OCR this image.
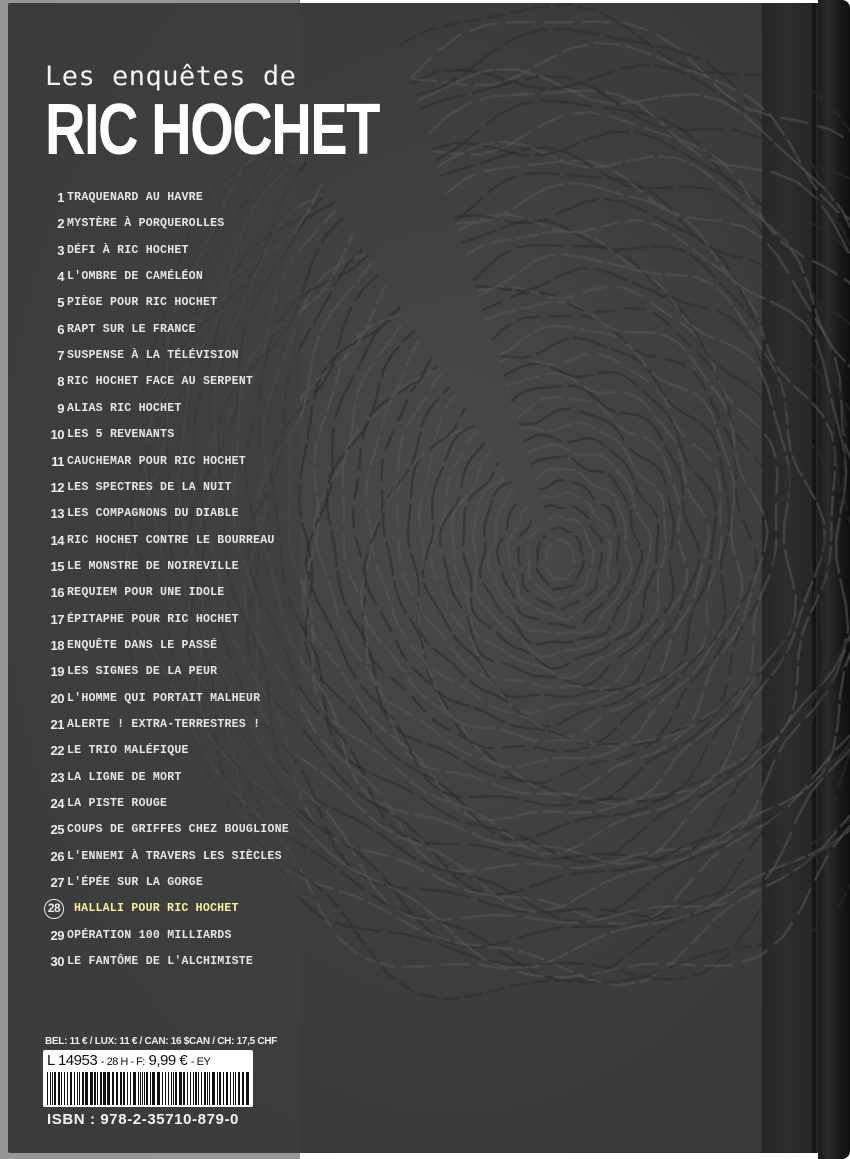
Les enquêtes de
RIC HOCHET
1 TRAQUENARD AU HAVRE
2 MYSTÈRE À PORQUEROLLES
3 DÉFI À RIC HOCHET
4 L'OMBRE DE CAMÉLÉON
5 PIÈGE POUR RIC HOCHET
6 RAPT SUR LE FRANCE
7 SUSPENSE À LA TÉLÉVISION
8 RIC HOCHET FACE AU SERPENT
9 ALIAS RIC HOCHET
10 LES 5 REVENANTS
11 CAUCHEMAR POUR RIC HOCHET
12 LES SPECTRES DE LA NUIT
13 LES COMPAGNONS DU DIABLE
14 RIC HOCHET CONTRE LE BOURREAU
15 LE MONSTRE DE NOIREVILLE
16 REQUIEM POUR UNE IDOLE
17 ÉPITAPHE POUR RIC HOCHET
18 ENQUÊTE DANS LE PASSÉ
19 LES SIGNES DE LA PEUR
20 L'HOMME QUI PORTAIT MALHEUR
21 ALERTE ! EXTRA-TERRESTRES !
22 LE TRIO MALÉFIQUE
23 LA LIGNE DE MORT
24 LA PISTE ROUGE
25 COUPS DE GRIFFES CHEZ BOUGLIONE
26 L'ENNEMI À TRAVERS LES SIÈCLES
27 L'ÉPÉE SUR LA GORGE
28	HALLALI POUR RIC HOCHET
29 OPÉRATION 100 MILLIARDS
30 LE FANTÔME DE L'ALCHIMISTE
BEL: 11 € / LUX: 11 € / CAN: 16 $CAN / CH: 17,5 CHF
L 14953 - 28 H - F: 9,99 € - EY
ISBN : 978-2-35710-879-0
